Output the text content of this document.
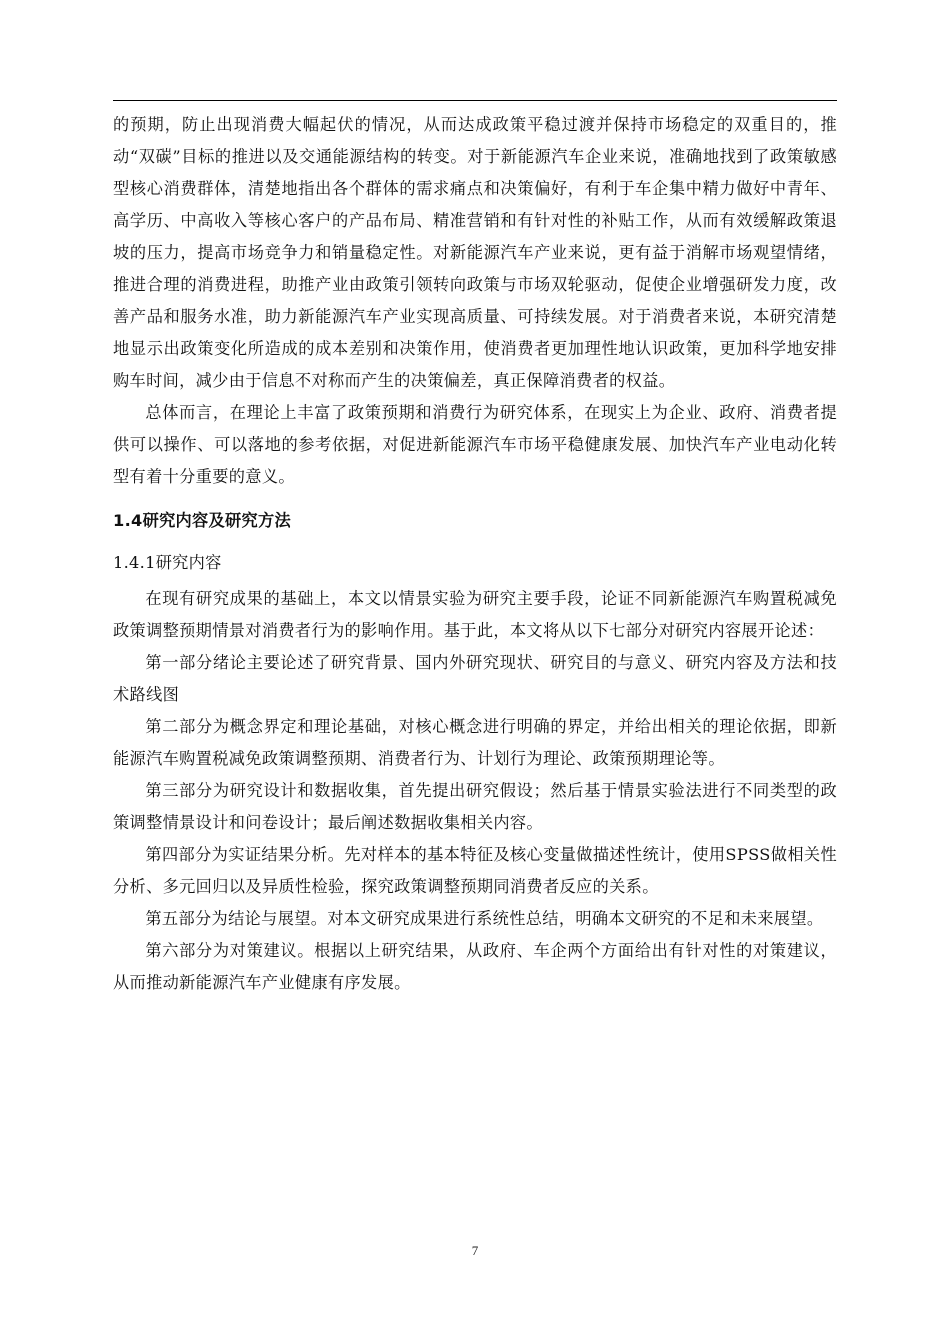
的预期，防止出现消费大幅起伏的情况，从而达成政策平稳过渡并保持市场稳定的双重目的，推动“双碳”目标的推进以及交通能源结构的转变。对于新能源汽车企业来说，准确地找到了政策敏感型核心消费群体，清楚地指出各个群体的需求痛点和决策偏好，有利于车企集中精力做好中青年、高学历、中高收入等核心客户的产品布局、精准营销和有针对性的补贴工作，从而有效缓解政策退坡的压力，提高市场竞争力和销量稳定性。对新能源汽车产业来说，更有益于消解市场观望情绪，推进合理的消费进程，助推产业由政策引领转向政策与市场双轮驱动，促使企业增强研发力度，改善产品和服务水准，助力新能源汽车产业实现高质量、可持续发展。对于消费者来说，本研究清楚地显示出政策变化所造成的成本差别和决策作用，使消费者更加理性地认识政策，更加科学地安排购车时间，减少由于信息不对称而产生的决策偏差，真正保障消费者的权益。

总体而言，在理论上丰富了政策预期和消费行为研究体系，在现实上为企业、政府、消费者提供可以操作、可以落地的参考依据，对促进新能源汽车市场平稳健康发展、加快汽车产业电动化转型有着十分重要的意义。

1.4研究内容及研究方法
1.4.1研究内容

在现有研究成果的基础上，本文以情景实验为研究主要手段，论证不同新能源汽车购置税减免政策调整预期情景对消费者行为的影响作用。基于此，本文将从以下七部分对研究内容展开论述：

第一部分绪论主要论述了研究背景、国内外研究现状、研究目的与意义、研究内容及方法和技术路线图

第二部分为概念界定和理论基础，对核心概念进行明确的界定，并给出相关的理论依据，即新能源汽车购置税减免政策调整预期、消费者行为、计划行为理论、政策预期理论等。

第三部分为研究设计和数据收集，首先提出研究假设；然后基于情景实验法进行不同类型的政策调整情景设计和问卷设计；最后阐述数据收集相关内容。

第四部分为实证结果分析。先对样本的基本特征及核心变量做描述性统计，使用SPSS做相关性分析、多元回归以及异质性检验，探究政策调整预期同消费者反应的关系。

第五部分为结论与展望。对本文研究成果进行系统性总结，明确本文研究的不足和未来展望。

第六部分为对策建议。根据以上研究结果，从政府、车企两个方面给出有针对性的对策建议，从而推动新能源汽车产业健康有序发展。

7
